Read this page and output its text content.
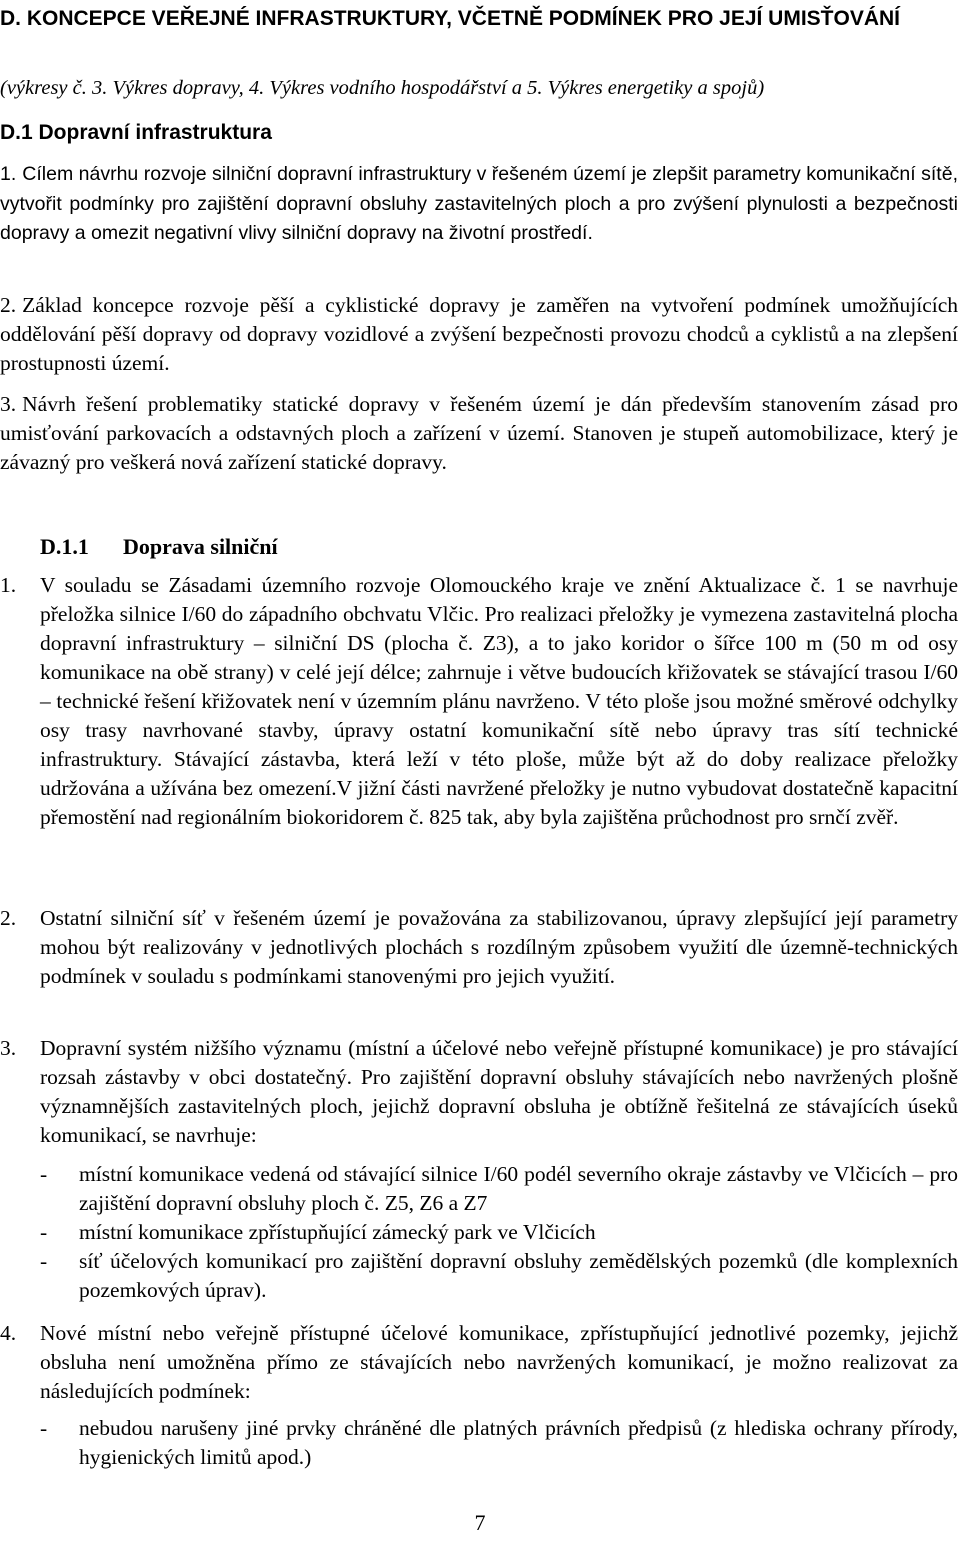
D. KONCEPCE VEŘEJNÉ INFRASTRUKTURY, VČETNĚ PODMÍNEK PRO JEJÍ UMISŤOVÁNÍ
(výkresy č. 3. Výkres dopravy, 4. Výkres vodního hospodářství a 5. Výkres energetiky a spojů)
D.1 Dopravní infrastruktura
1. Cílem návrhu rozvoje silniční dopravní infrastruktury v řešeném území je zlepšit parametry komunikační sítě, vytvořit podmínky pro zajištění dopravní obsluhy zastavitelných ploch a pro zvýšení plynulosti a bezpečnosti dopravy a omezit negativní vlivy silniční dopravy na životní prostředí.
2. Základ koncepce rozvoje pěší a cyklistické dopravy je zaměřen na vytvoření podmínek umožňujících oddělování pěší dopravy od dopravy vozidlové a zvýšení bezpečnosti provozu chodců a cyklistů a na zlepšení prostupnosti území.
3. Návrh řešení problematiky statické dopravy v řešeném území je dán především stanovením zásad pro umisťování parkovacích a odstavných ploch a zařízení v území. Stanoven je stupeň automobilizace, který je závazný pro veškerá nová zařízení statické dopravy.
D.1.1 Doprava silniční
1.	V souladu se Zásadami územního rozvoje Olomouckého kraje ve znění Aktualizace č. 1 se navrhuje přeložka silnice I/60 do západního obchvatu Vlčic. Pro realizaci přeložky je vymezena zastavitelná plocha dopravní infrastruktury – silniční DS (plocha č. Z3), a to jako koridor o šířce 100 m (50 m od osy komunikace na obě strany) v celé její délce; zahrnuje i větve budoucích křižovatek se stávající trasou I/60 – technické řešení křižovatek není v územním plánu navrženo. V této ploše jsou možné směrové odchylky osy trasy navrhované stavby, úpravy ostatní komunikační sítě nebo úpravy tras sítí technické infrastruktury. Stávající zástavba, která leží v této ploše, může být až do doby realizace přeložky udržována a užívána bez omezení.V jižní části navržené přeložky je nutno vybudovat dostatečně kapacitní přemostění nad regionálním biokoridorem č. 825 tak, aby byla zajištěna průchodnost pro srnčí zvěř.
2.	Ostatní silniční síť v řešeném území je považována za stabilizovanou, úpravy zlepšující její parametry mohou být realizovány v jednotlivých plochách s rozdílným způsobem využití dle územně-technických podmínek v souladu s podmínkami stanovenými pro jejich využití.
3.	Dopravní systém nižšího významu (místní a účelové nebo veřejně přístupné komunikace) je pro stávající rozsah zástavby v obci dostatečný. Pro zajištění dopravní obsluhy stávajících nebo navržených plošně významnějších zastavitelných ploch, jejichž dopravní obsluha je obtížně řešitelná ze stávajících úseků komunikací, se navrhuje:
-	místní komunikace vedená od stávající silnice I/60 podél severního okraje zástavby ve Vlčicích – pro zajištění dopravní obsluhy ploch č. Z5, Z6 a Z7
-	místní komunikace zpřístupňující zámecký park ve Vlčicích
-	síť účelových komunikací pro zajištění dopravní obsluhy zemědělských pozemků (dle komplexních pozemkových úprav).
4.	Nové místní nebo veřejně přístupné účelové komunikace, zpřístupňující jednotlivé pozemky, jejichž obsluha není umožněna přímo ze stávajících nebo navržených komunikací, je možno realizovat za následujících podmínek:
-	nebudou narušeny jiné prvky chráněné dle platných právních předpisů (z hlediska ochrany přírody, hygienických limitů apod.)
7
